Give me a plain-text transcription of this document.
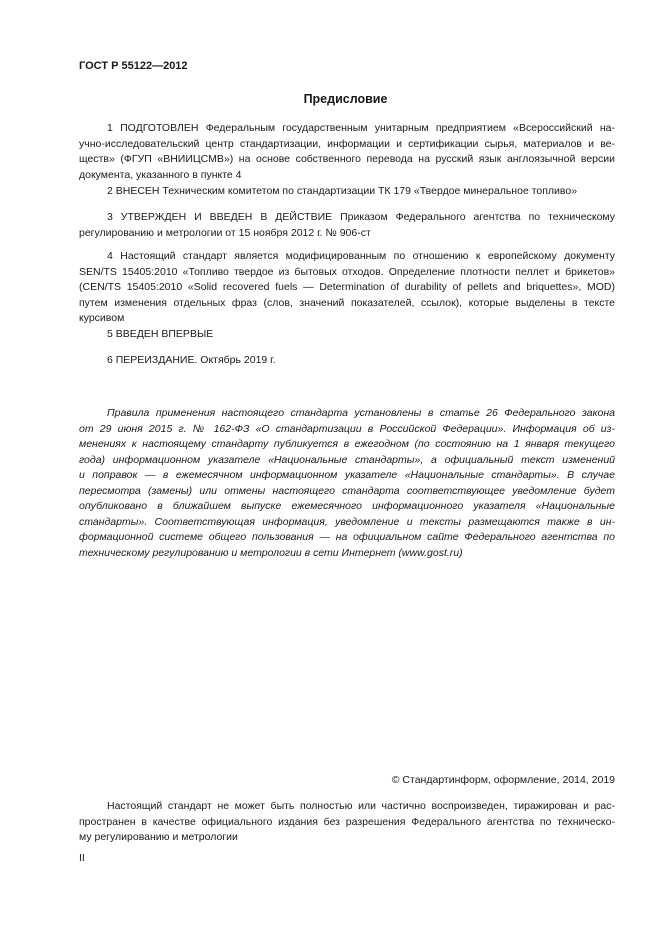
ГОСТ Р 55122—2012
Предисловие
1 ПОДГОТОВЛЕН Федеральным государственным унитарным предприятием «Всероссийский на-
учно-исследовательский центр стандартизации, информации и сертификации сырья, материалов и ве-
ществ» (ФГУП «ВНИИЦСМВ») на основе собственного перевода на русский язык англоязычной версии
документа, указанного в пункте 4
2 ВНЕСЕН Техническим комитетом по стандартизации ТК 179 «Твердое минеральное топливо»
3 УТВЕРЖДЕН И ВВЕДЕН В ДЕЙСТВИЕ Приказом Федерального агентства по техническому
регулированию и метрологии от 15 ноября 2012 г. № 906-ст
4 Настоящий стандарт является модифицированным по отношению к европейскому документу
SEN/TS 15405:2010 «Топливо твердое из бытовых отходов. Определение плотности пеллет и брикетов»
(CEN/TS 15405:2010 «Solid recovered fuels — Determination of durability of pellets and briquettes», MOD)
путем изменения отдельных фраз (слов, значений показателей, ссылок), которые выделены в тексте
курсивом
5 ВВЕДЕН ВПЕРВЫЕ
6 ПЕРЕИЗДАНИЕ. Октябрь 2019 г.
Правила применения настоящего стандарта установлены в статье 26 Федерального закона
от 29 июня 2015 г. № 162-ФЗ «О стандартизации в Российской Федерации». Информация об из-
менениях к настоящему стандарту публикуется в ежегодном (по состоянию на 1 января текущего
года) информационном указателе «Национальные стандарты», а официальный текст изменений
и поправок — в ежемесячном информационном указателе «Национальные стандарты». В случае
пересмотра (замены) или отмены настоящего стандарта соответствующее уведомление будет
опубликовано в ближайшем выпуске ежемесячного информационного указателя «Национальные
стандарты». Соответствующая информация, уведомление и тексты размещаются также в ин-
формационной системе общего пользования — на официальном сайте Федерального агентства по
техническому регулированию и метрологии в сети Интернет (www.gost.ru)
© Стандартинформ, оформление, 2014, 2019
Настоящий стандарт не может быть полностью или частично воспроизведен, тиражирован и рас-
пространен в качестве официального издания без разрешения Федерального агентства по техническо-
му регулированию и метрологии
II
